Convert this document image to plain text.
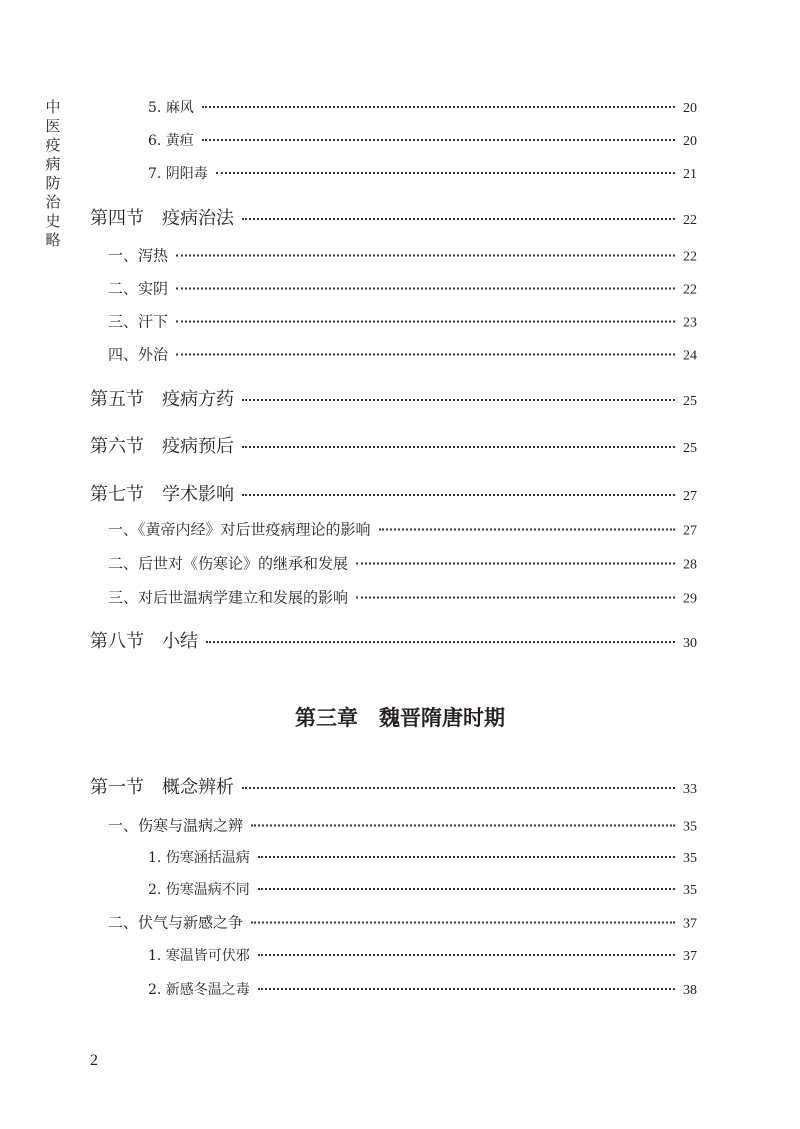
中
医
疫
病
防
治
史
略
5. 麻风	20
6. 黄疸	20
7. 阴阳毒	21
第四节　疫病治法	22
一、泻热	22
二、实阴	22
三、汗下	23
四、外治	24
第五节　疫病方药	25
第六节　疫病预后	25
第七节　学术影响	27
一、《黄帝内经》对后世疫病理论的影响	27
二、后世对《伤寒论》的继承和发展	28
三、对后世温病学建立和发展的影响	29
第八节　小结	30
第一节　概念辨析	33
一、伤寒与温病之辨	35
1. 伤寒涵括温病	35
2. 伤寒温病不同	35
二、伏气与新感之争	37
1. 寒温皆可伏邪	37
2. 新感冬温之毒	38
第三章　魏晋隋唐时期
2
